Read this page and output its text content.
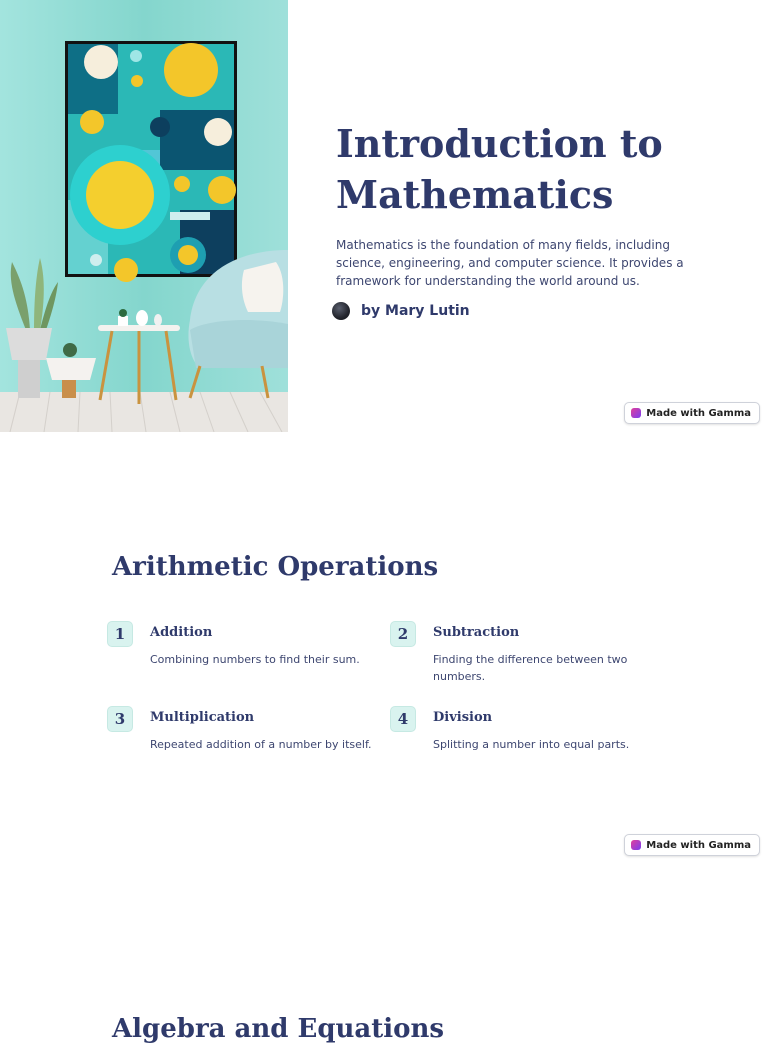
Introduction to Mathematics

Mathematics is the foundation of many fields, including science, engineering, and computer science. It provides a framework for understanding the world around us.

by Mary Lutin
Made with Gamma
Arithmetic Operations
1	Addition

Combining numbers to find their sum.

2	Subtraction

Finding the difference between two numbers.

3	Multiplication

Repeated addition of a number by itself.

4	Division

Splitting a number into equal parts.

Made with Gamma
Algebra and Equations
